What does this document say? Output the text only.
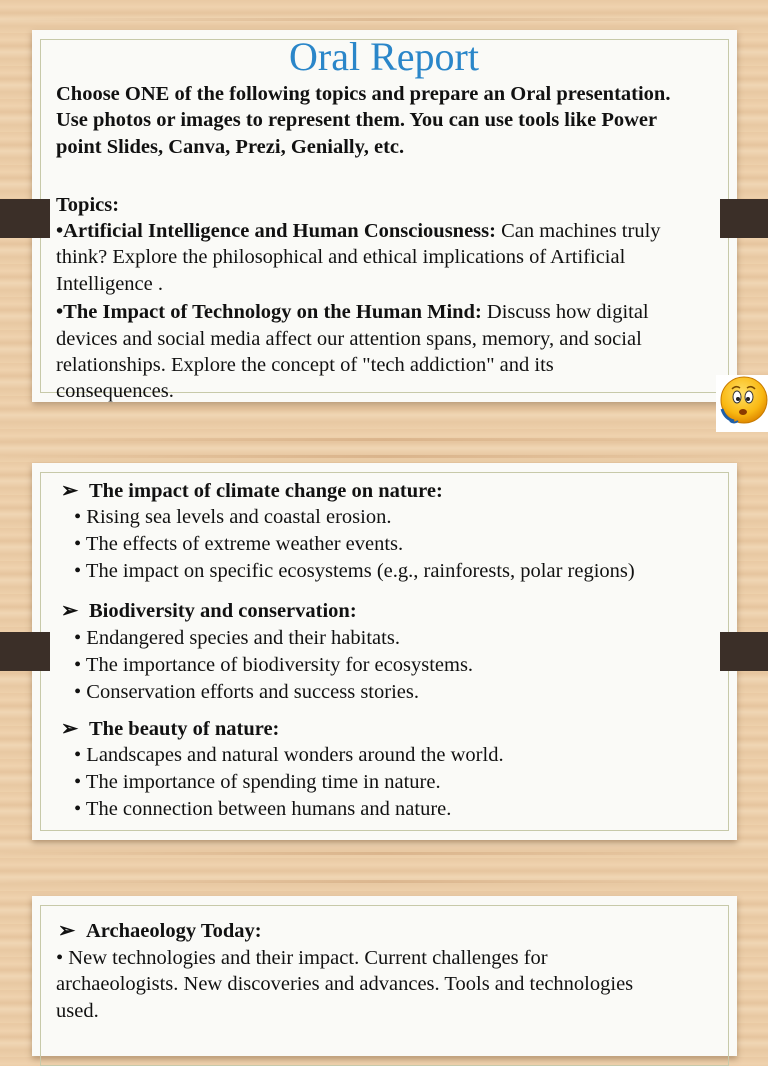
Oral Report
Choose ONE of the following topics and prepare an Oral presentation.
Use photos or images to represent them. You can use tools like Power
point Slides, Canva, Prezi, Genially, etc.
Topics:
•Artificial Intelligence and Human Consciousness: Can machines truly
think? Explore the philosophical and ethical implications of Artificial
Intelligence .
•The Impact of Technology on the Human Mind: Discuss how digital
devices and social media affect our attention spans, memory, and social
relationships. Explore the concept of "tech addiction" and its
consequences.
➢ The impact of climate change on nature:
• Rising sea levels and coastal erosion.
• The effects of extreme weather events.
• The impact on specific ecosystems (e.g., rainforests, polar regions)
➢ Biodiversity and conservation:
• Endangered species and their habitats.
• The importance of biodiversity for ecosystems.
• Conservation efforts and success stories.
➢ The beauty of nature:
• Landscapes and natural wonders around the world.
• The importance of spending time in nature.
• The connection between humans and nature.
➢ Archaeology Today:
• New technologies and their impact. Current challenges for
archaeologists. New discoveries and advances. Tools and technologies
used.
